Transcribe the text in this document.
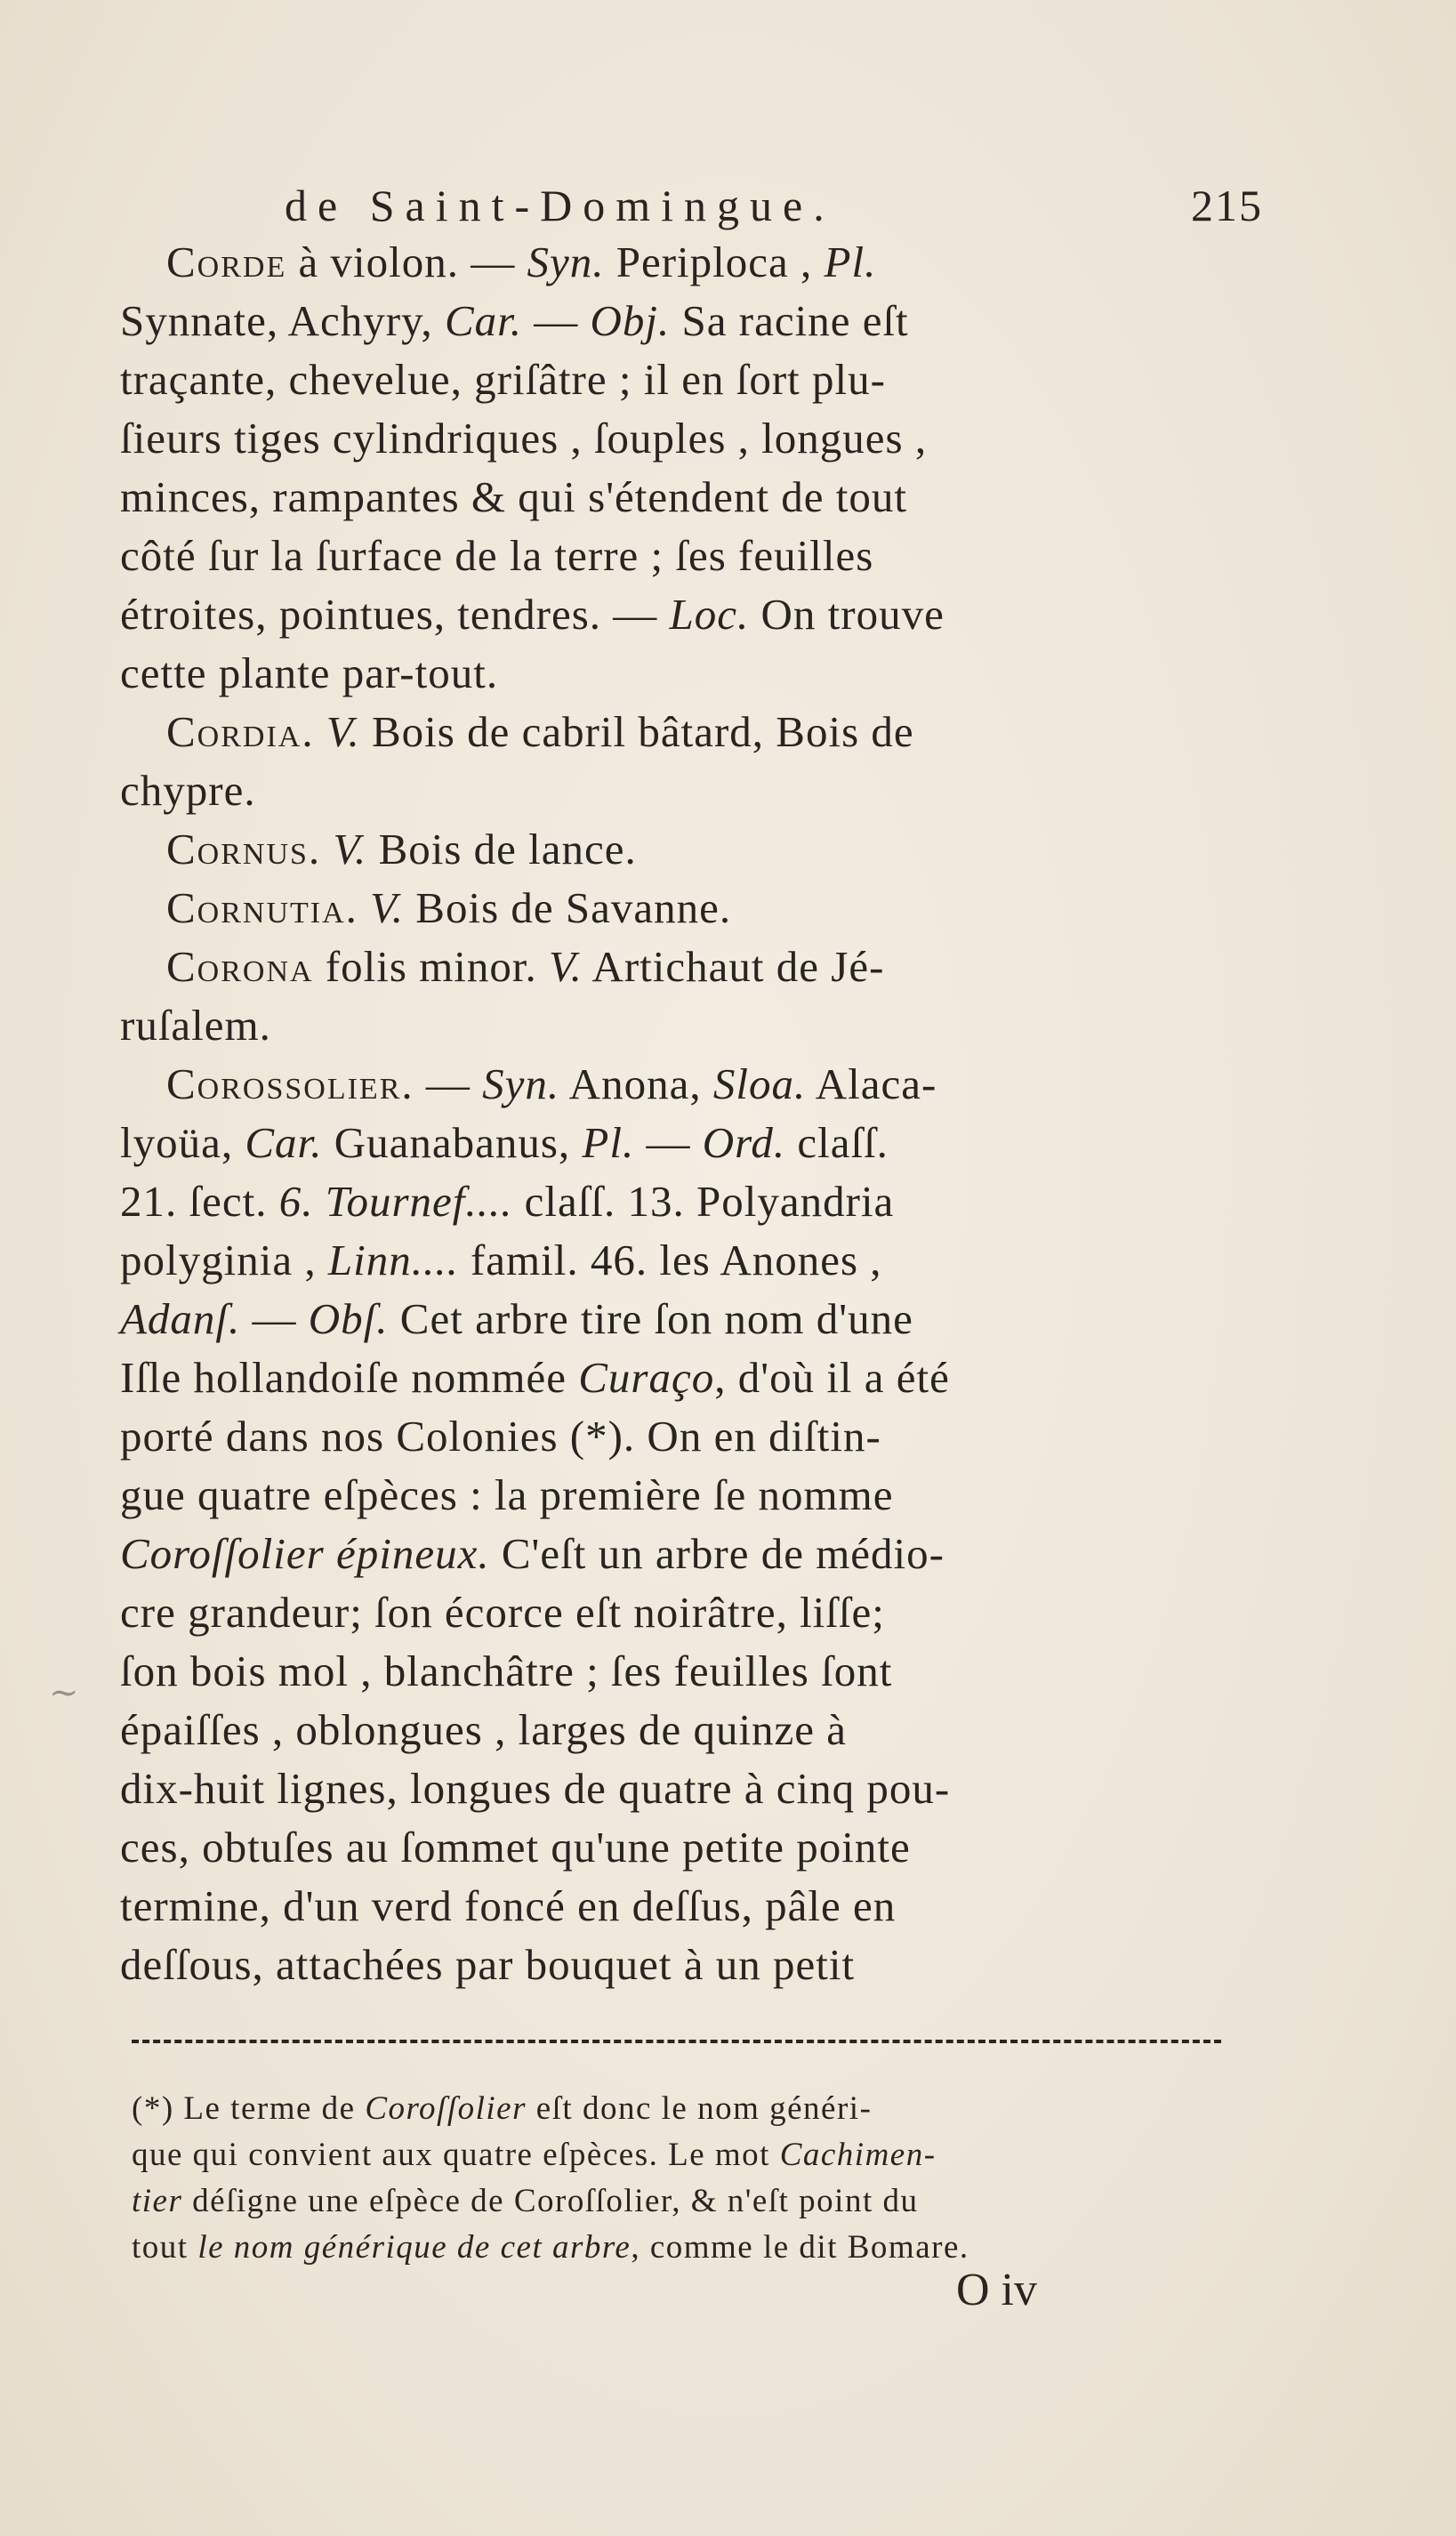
de Saint-Domingue.	215
Corde à violon. — Syn. Periploca , Pl.
Synnate, Achyry, Car. — Obj. Sa racine eſt
traçante, chevelue, griſâtre ; il en ſort plu-
ſieurs tiges cylindriques , ſouples , longues ,
minces, rampantes & qui s'étendent de tout
côté ſur la ſurface de la terre ; ſes feuilles
étroites, pointues, tendres. — Loc. On trouve
cette plante par-tout.
Cordia. V. Bois de cabril bâtard, Bois de
chypre.
Cornus. V. Bois de lance.
Cornutia. V. Bois de Savanne.
Corona folis minor. V. Artichaut de Jé-
ruſalem.
Corossolier. — Syn. Anona, Sloa. Alaca-
lyoüa, Car. Guanabanus, Pl. — Ord. claſſ.
21. ſect. 6. Tournef.... claſſ. 13. Polyandria
polyginia , Linn.... famil. 46. les Anones ,
Adanſ. — Obſ. Cet arbre tire ſon nom d'une
Iſle hollandoiſe nommée Curaço, d'où il a été
porté dans nos Colonies (*). On en diſtin-
gue quatre eſpèces : la première ſe nomme
Coroſſolier épineux. C'eſt un arbre de médio-
cre grandeur; ſon écorce eſt noirâtre, liſſe;
ſon bois mol , blanchâtre ; ſes feuilles ſont
épaiſſes , oblongues , larges de quinze à
dix-huit lignes, longues de quatre à cinq pou-
ces, obtuſes au ſommet qu'une petite pointe
termine, d'un verd foncé en deſſus, pâle en
deſſous, attachées par bouquet à un petit
~
(*) Le terme de Coroſſolier eſt donc le nom généri-
que qui convient aux quatre eſpèces. Le mot Cachimen-
tier déſigne une eſpèce de Coroſſolier, & n'eſt point du
tout le nom générique de cet arbre, comme le dit Bomare.
O iv
